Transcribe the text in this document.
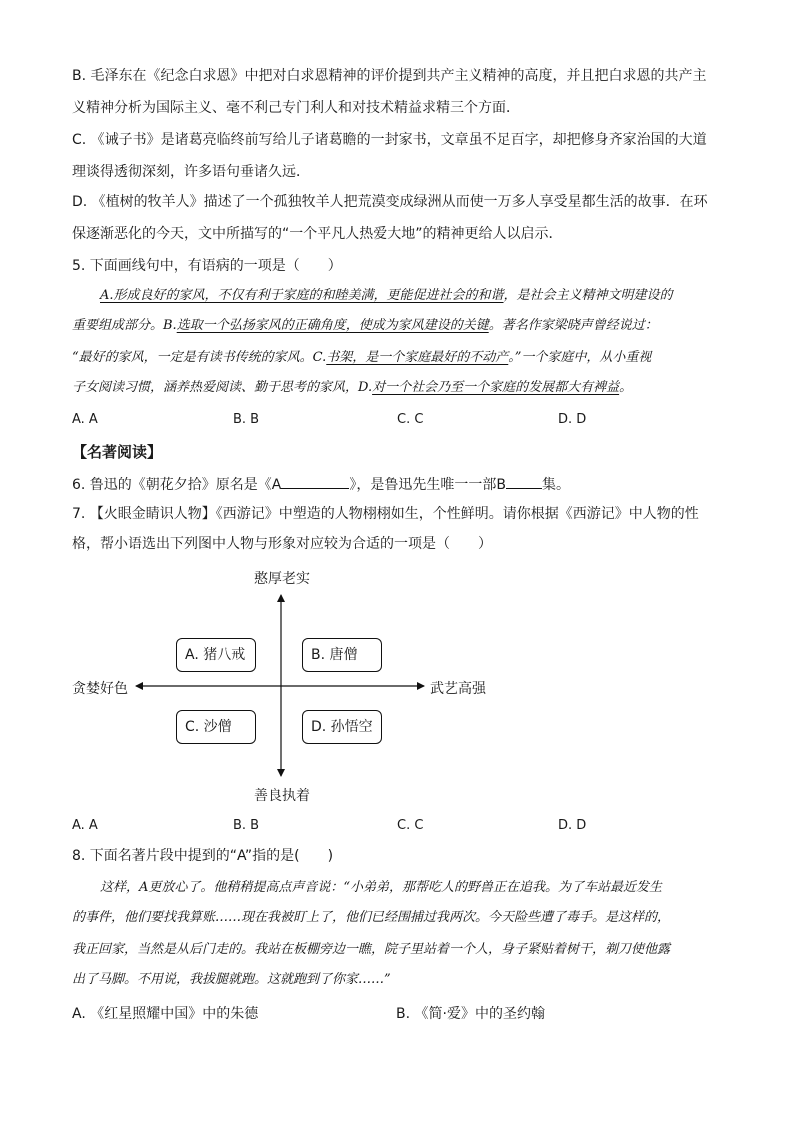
B. 毛泽东在《纪念白求恩》中把对白求恩精神的评价提到共产主义精神的高度，并且把白求恩的共产主
义精神分析为国际主义、毫不利己专门利人和对技术精益求精三个方面．
C. 《诫子书》是诸葛亮临终前写给儿子诸葛瞻的一封家书，文章虽不足百字，却把修身齐家治国的大道
理谈得透彻深刻，许多语句垂诸久远．
D. 《植树的牧羊人》描述了一个孤独牧羊人把荒漠变成绿洲从而使一万多人享受星都生活的故事．在环
保逐渐恶化的今天，文中所描写的“一个平凡人热爱大地”的精神更给人以启示．
5. 下面画线句中，有语病的一项是（　　）
A.形成良好的家风，不仅有利于家庭的和睦美满，更能促进社会的和谐，是社会主义精神文明建设的
重要组成部分。B.选取一个弘扬家风的正确角度，使成为家风建设的关键。著名作家梁晓声曾经说过：
“最好的家风，一定是有读书传统的家风。C.书架，是一个家庭最好的不动产。”一个家庭中，从小重视
子女阅读习惯，涵养热爱阅读、勤于思考的家风，D.对一个社会乃至一个家庭的发展都大有裨益。
A. A	B. B	C. C	D. D
【名著阅读】
6. 鲁迅的《朝花夕拾》原名是《A	》，是鲁迅先生唯一一部B	集。
7. 【火眼金睛识人物】《西游记》中塑造的人物栩栩如生，个性鲜明。请你根据《西游记》中人物的性
格，帮小语选出下列图中人物与形象对应较为合适的一项是（　　）
憨厚老实
善良执着
贪婪好色	武艺高强
A. 猪八戒	B. 唐僧
C. 沙僧	D. 孙悟空
A. A	B. B	C. C	D. D
8. 下面名著片段中提到的“A”指的是(　　)
这样，A更放心了。他稍稍提高点声音说：“小弟弟，那帮吃人的野兽正在追我。为了车站最近发生
的事件，他们要找我算账……现在我被盯上了，他们已经围捕过我两次。今天险些遭了毒手。是这样的，
我正回家，当然是从后门走的。我站在板棚旁边一瞧，院子里站着一个人，身子紧贴着树干，剃刀使他露
出了马脚。不用说，我拔腿就跑。这就跑到了你家……”
A. 《红星照耀中国》中的朱德	B. 《简·爱》中的圣约翰
